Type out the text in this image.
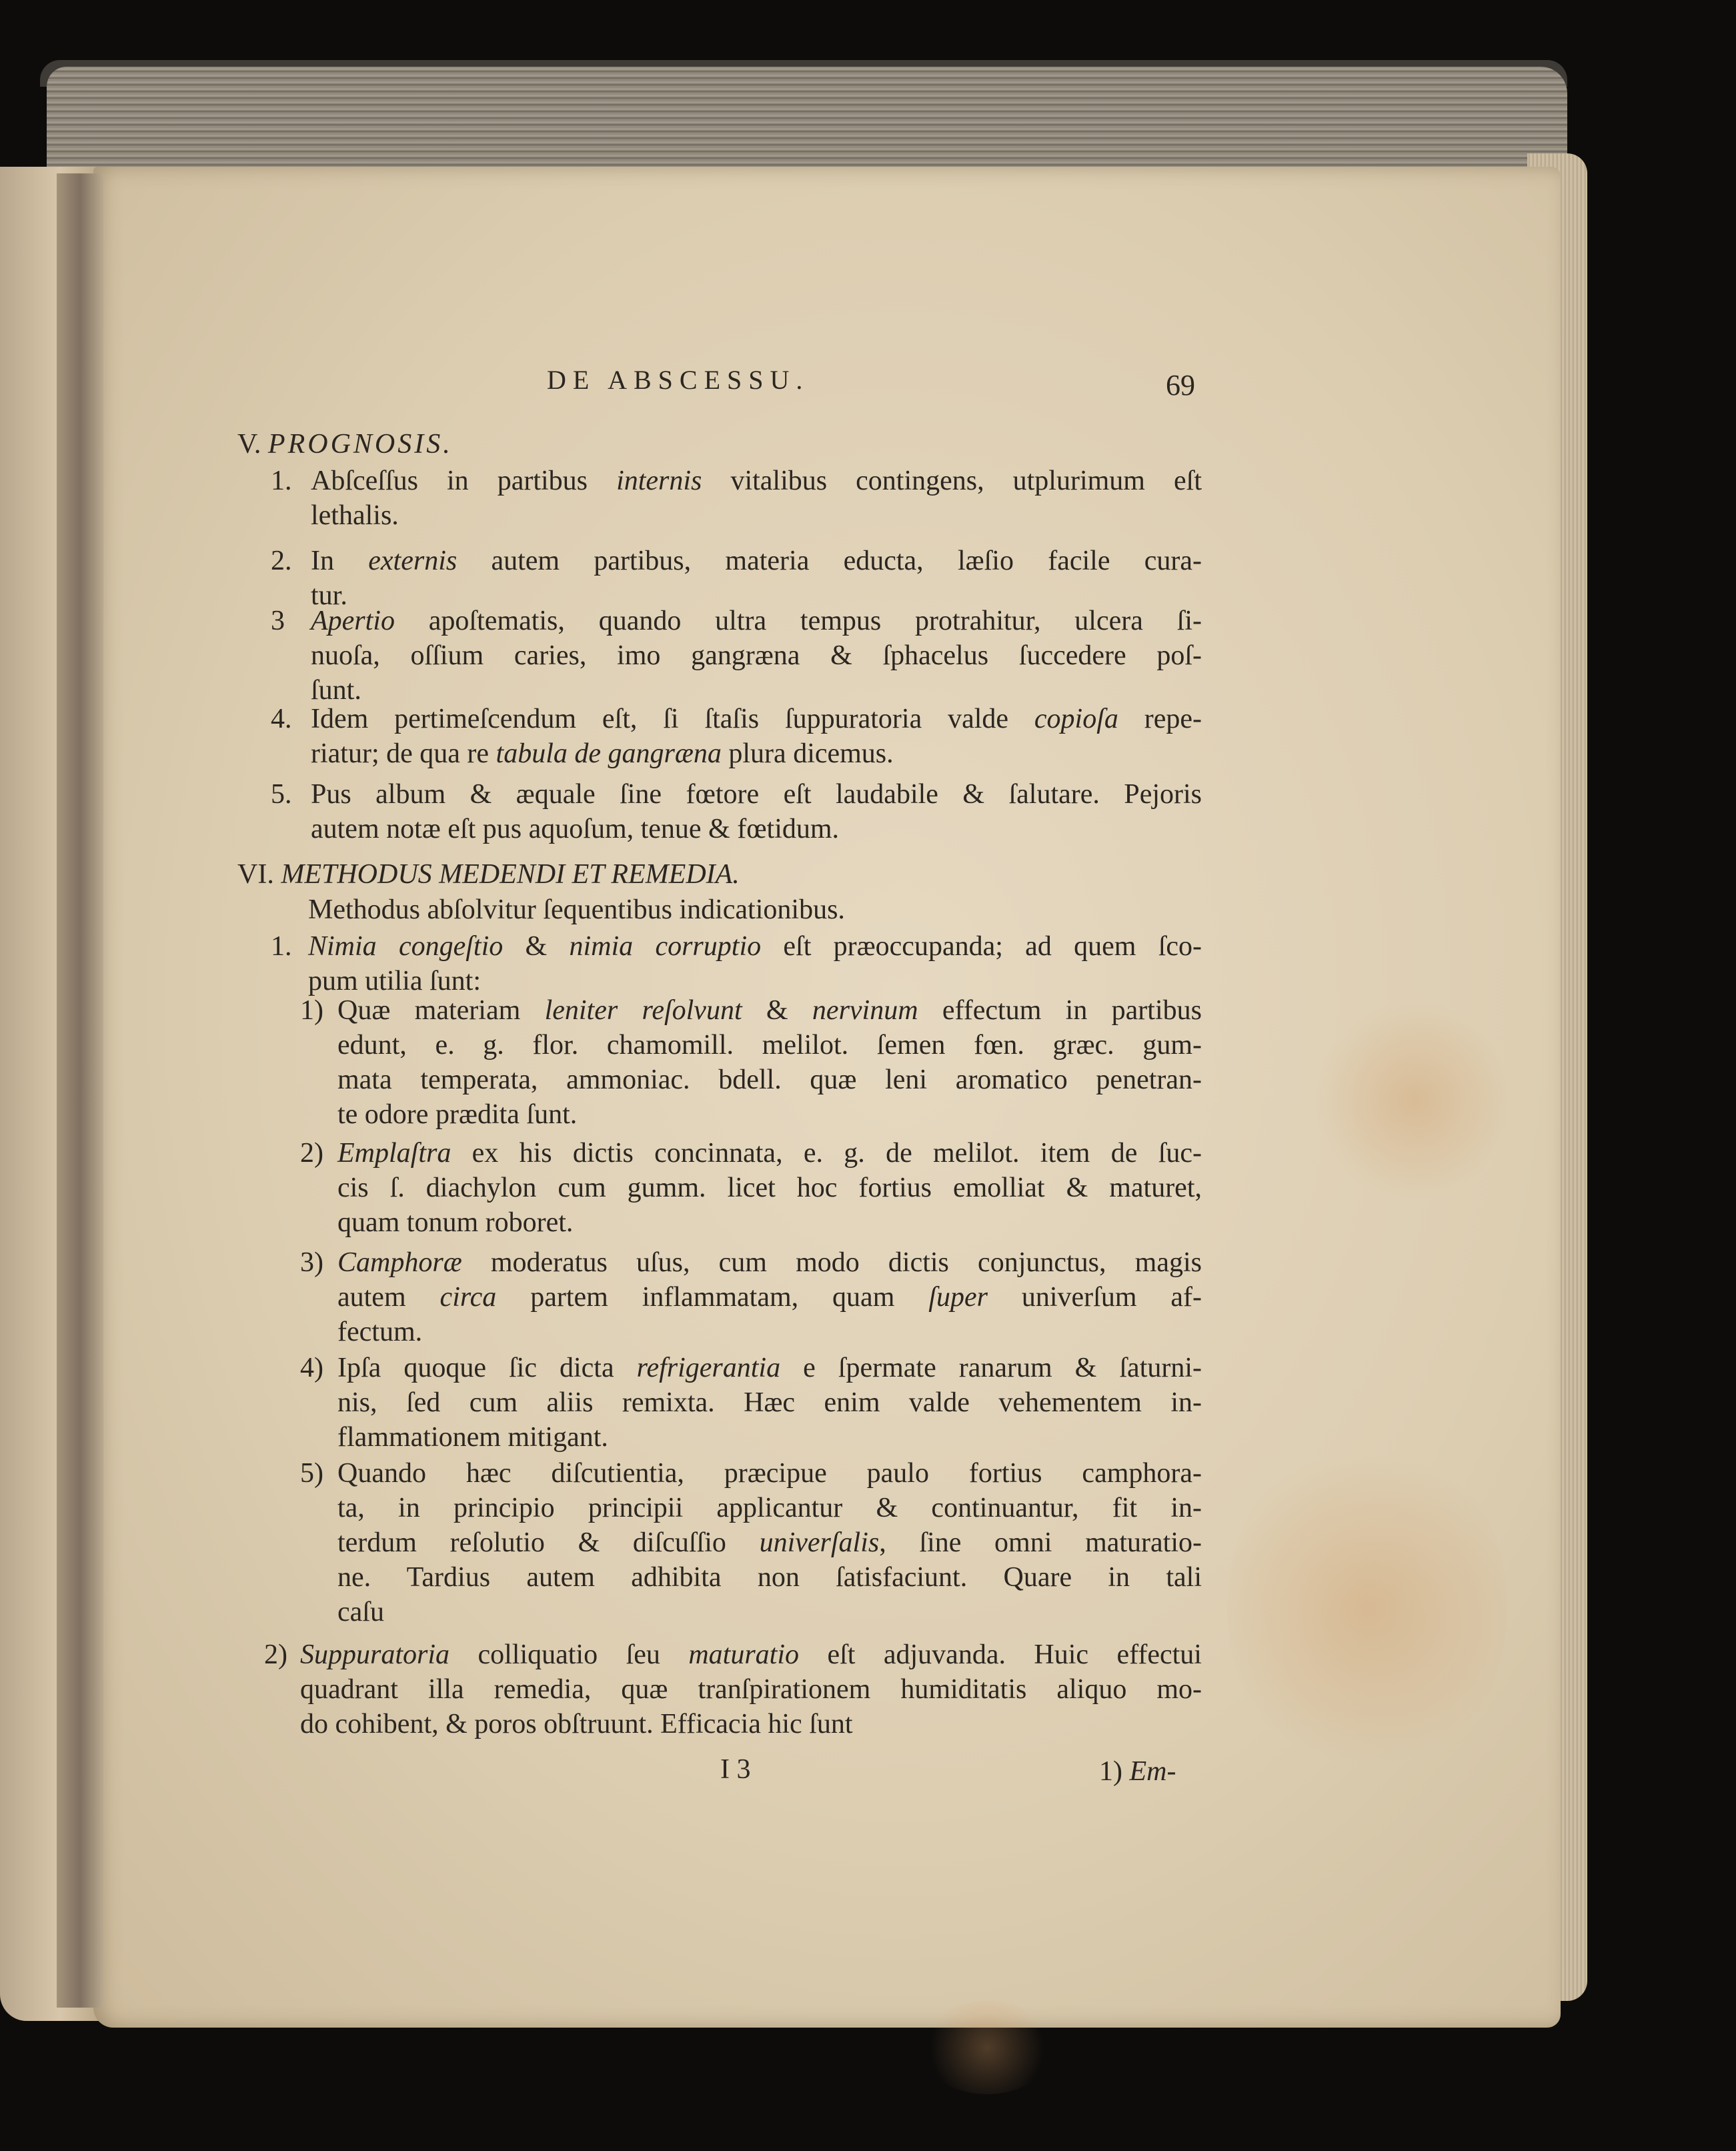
DE ABSCESSU.	69
V. PROGNOSIS.
1. Abſceſſus in partibus internis vitalibus contingens, utplurimum eſt
lethalis.
2. In externis autem partibus, materia educta, læſio facile cura-
tur.
3 Apertio apoſtematis, quando ultra tempus protrahitur, ulcera ſi-
nuoſa, oſſium caries, imo gangræna & ſphacelus ſuccedere poſ-
ſunt.
4. Idem pertimeſcendum eſt, ſi ſtaſis ſuppuratoria valde copioſa repe-
riatur; de qua re tabula de gangræna plura dicemus.
5. Pus album & æquale ſine fœtore eſt laudabile & ſalutare. Pejoris
autem notæ eſt pus aquoſum, tenue & fœtidum.
VI. METHODUS MEDENDI ET REMEDIA.
Methodus abſolvitur ſequentibus indicationibus.
1. Nimia congeſtio & nimia corruptio eſt præoccupanda; ad quem ſco-
pum utilia ſunt:
1) Quæ materiam leniter reſolvunt & nervinum effectum in partibus
edunt, e. g. flor. chamomill. melilot. ſemen fœn. græc. gum-
mata temperata, ammoniac. bdell. quæ leni aromatico penetran-
te odore prædita ſunt.
2) Emplaſtra ex his dictis concinnata, e. g. de melilot. item de ſuc-
cis ſ. diachylon cum gumm. licet hoc fortius emolliat & maturet,
quam tonum roboret.
3) Camphoræ moderatus uſus, cum modo dictis conjunctus, magis
autem circa partem inflammatam, quam ſuper univerſum af-
fectum.
4) Ipſa quoque ſic dicta refrigerantia e ſpermate ranarum & ſaturni-
nis, ſed cum aliis remixta. Hæc enim valde vehementem in-
flammationem mitigant.
5) Quando hæc diſcutientia, præcipue paulo fortius camphora-
ta, in principio principii applicantur & continuantur, fit in-
terdum reſolutio & diſcuſſio univerſalis, ſine omni maturatio-
ne. Tardius autem adhibita non ſatisfaciunt. Quare in tali
caſu
2) Suppuratoria colliquatio ſeu maturatio eſt adjuvanda. Huic effectui
quadrant illa remedia, quæ tranſpirationem humiditatis aliquo mo-
do cohibent, & poros obſtruunt. Efficacia hic ſunt
I 3	1) Em-
